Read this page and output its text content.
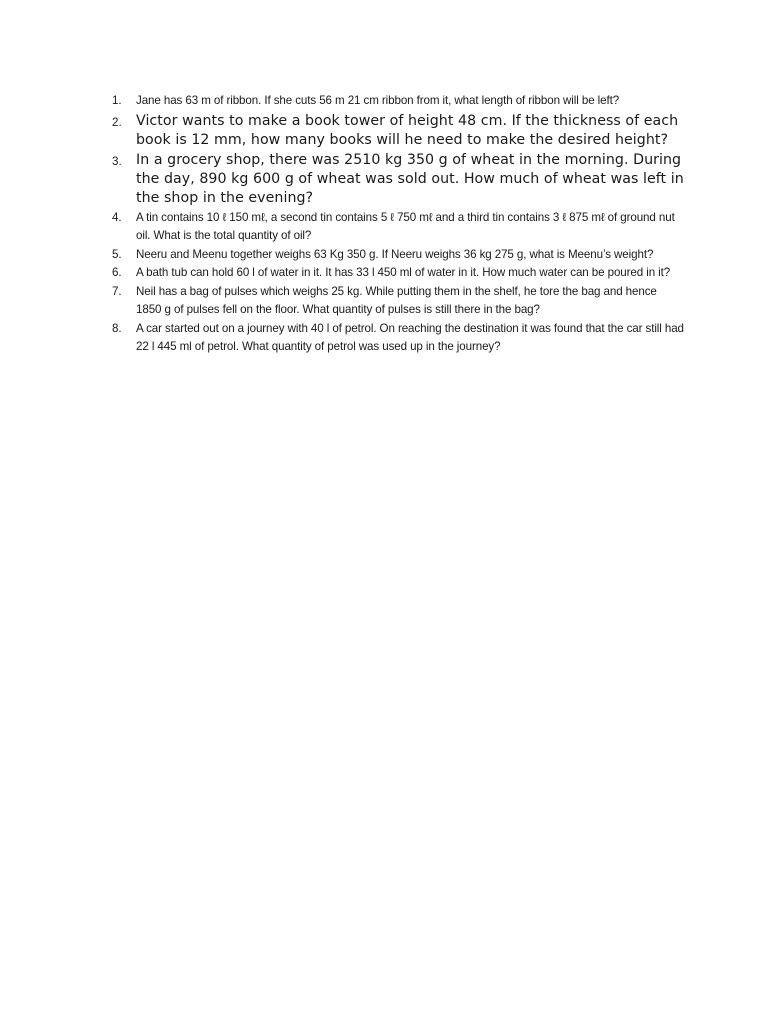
1.	Jane has 63 m of ribbon. If she cuts 56 m 21 cm ribbon from it, what length of ribbon will be left?
2.	Victor wants to make a book tower of height 48 cm. If the thickness of each book is 12 mm, how many books will he need to make the desired height?
3.	In a grocery shop, there was 2510 kg 350 g of wheat in the morning. During the day, 890 kg 600 g of wheat was sold out. How much of wheat was left in the shop in the evening?
4.	A tin contains 10 ℓ 150 mℓ, a second tin contains 5 ℓ 750 mℓ and a third tin contains 3 ℓ 875 mℓ of ground nut oil. What is the total quantity of oil?
5.	Neeru and Meenu together weighs 63 Kg 350 g. If Neeru weighs 36 kg 275 g, what is Meenu’s weight?
6.	A bath tub can hold 60 l of water in it. It has 33 l 450 ml of water in it. How much water can be poured in it?
7.	Neil has a bag of pulses which weighs 25 kg. While putting them in the shelf, he tore the bag and hence 1850 g of pulses fell on the floor. What quantity of pulses is still there in the bag?
8.	A car started out on a journey with 40 l of petrol. On reaching the destination it was found that the car still had 22 l 445 ml of petrol. What quantity of petrol was used up in the journey?
